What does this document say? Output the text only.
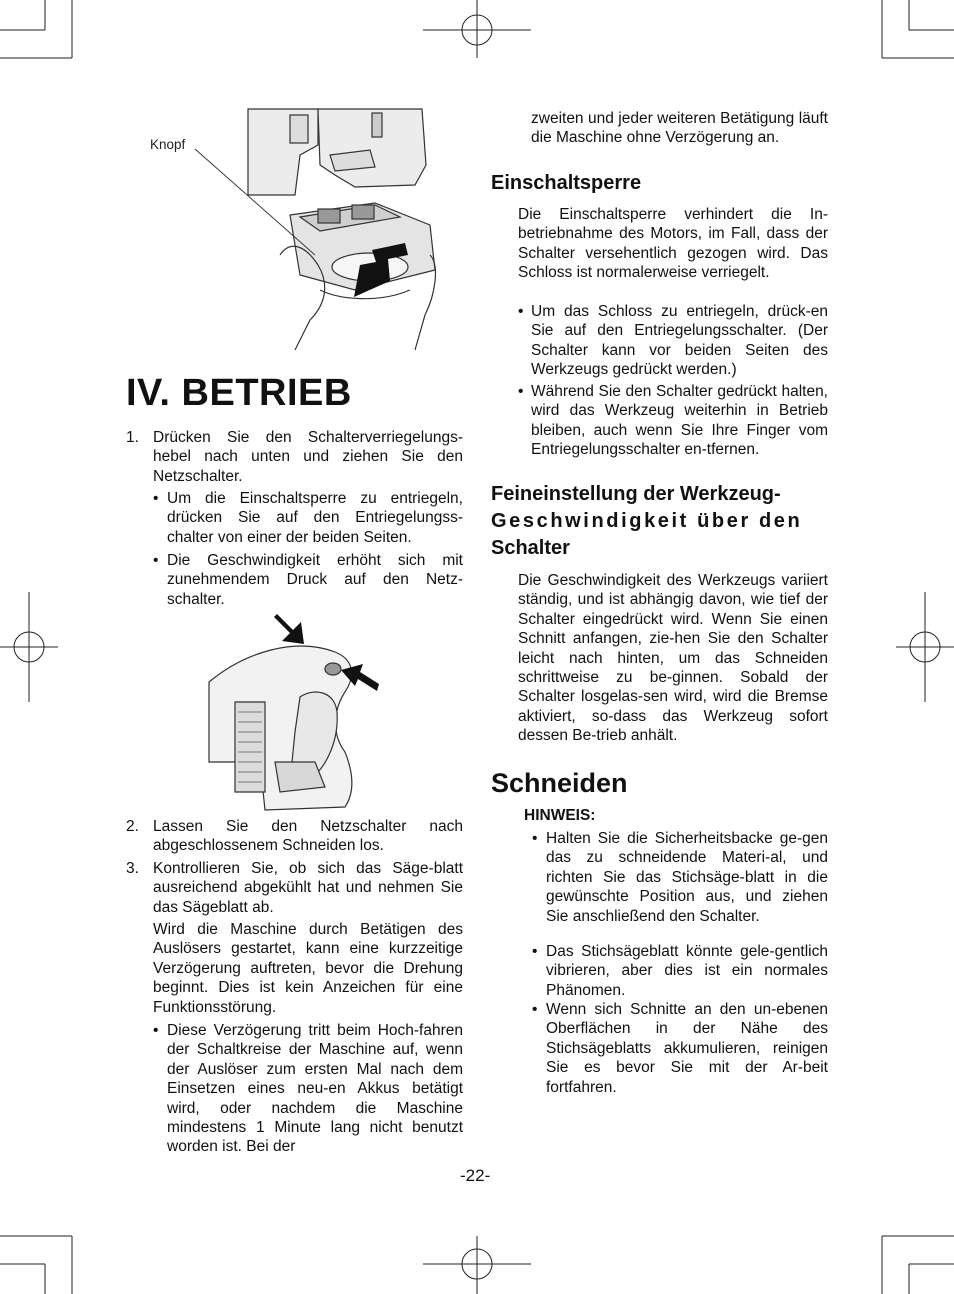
Knopf
IV. BETRIEB
1. Drücken Sie den Schalterverriegelungs-hebel nach unten und ziehen Sie den Netzschalter.
• Um die Einschaltsperre zu entriegeln, drücken Sie auf den Entriegelungss-chalter von einer der beiden Seiten.
• Die Geschwindigkeit erhöht sich mit zunehmendem Druck auf den Netz-schalter.
2. Lassen Sie den Netzschalter nach abgeschlossenem Schneiden los.
3. Kontrollieren Sie, ob sich das Säge-blatt ausreichend abgekühlt hat und nehmen Sie das Sägeblatt ab.
Wird die Maschine durch Betätigen des Auslösers gestartet, kann eine kurzzeitige Verzögerung auftreten, bevor die Drehung beginnt. Dies ist kein Anzeichen für eine Funktionsstörung.
• Diese Verzögerung tritt beim Hoch-fahren der Schaltkreise der Maschine auf, wenn der Auslöser zum ersten Mal nach dem Einsetzen eines neu-en Akkus betätigt wird, oder nachdem die Maschine mindestens 1 Minute lang nicht benutzt worden ist. Bei der
zweiten und jeder weiteren Betätigung läuft die Maschine ohne Verzögerung an.
Einschaltsperre
Die Einschaltsperre verhindert die In-betriebnahme des Motors, im Fall, dass der Schalter versehentlich gezogen wird. Das Schloss ist normalerweise verriegelt.
• Um das Schloss zu entriegeln, drück-en Sie auf den Entriegelungsschalter. (Der Schalter kann vor beiden Seiten des Werkzeugs gedrückt werden.)
• Während Sie den Schalter gedrückt halten, wird das Werkzeug weiterhin in Betrieb bleiben, auch wenn Sie Ihre Finger vom Entriegelungsschalter en-tfernen.
Feineinstellung der Werkzeug-
Geschwindigkeit über den
Schalter
Die Geschwindigkeit des Werkzeugs variiert ständig, und ist abhängig davon, wie tief der Schalter eingedrückt wird. Wenn Sie einen Schnitt anfangen, zie-hen Sie den Schalter leicht nach hinten, um das Schneiden schrittweise zu be-ginnen. Sobald der Schalter losgelas-sen wird, wird die Bremse aktiviert, so-dass das Werkzeug sofort dessen Be-trieb anhält.
Schneiden
HINWEIS:
• Halten Sie die Sicherheitsbacke ge-gen das zu schneidende Materi-al, und richten Sie das Stichsäge-blatt in die gewünschte Position aus, und ziehen Sie anschließend den Schalter.
• Das Stichsägeblatt könnte gele-gentlich vibrieren, aber dies ist ein normales Phänomen.
• Wenn sich Schnitte an den un-ebenen Oberflächen in der Nähe des Stichsägeblatts akkumulieren, reinigen Sie es bevor Sie mit der Ar-beit fortfahren.
-22-
